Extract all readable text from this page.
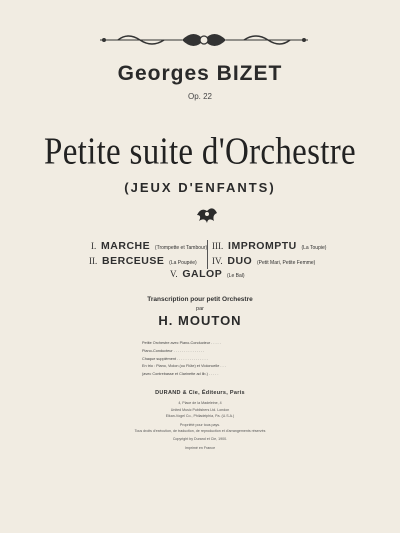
Georges BIZET
Op. 22
Petite suite d'Orchestre
(JEUX D'ENFANTS)
I. MARCHE (Trompette et Tambour)
II. BERCEUSE (La Poupée)
III. IMPROMPTU (La Toupie)
IV. DUO (Petit Mari, Petite Femme)
V. GALOP (Le Bal)
Transcription pour petit Orchestre
par
H. MOUTON
Petite Orchestre avec Piano-Conducteur . . . . .
Piano-Conducteur . . . . . . . . . . . . . . .
Chaque supplément . . . . . . . . . . . . . . .
En trio : Piano, Violon (ou Flûte) et Violoncelle . . .
(avec Contrebasse et Clarinette ad lib.) . . . . .
DURAND & Cie, Éditeurs, Paris
4, Place de la Madeleine, 4
United Music Publishers Ltd. London
Elkan-Vogel Co., Philadelphia, Pa. (U.S.A.)
Propriété pour tous pays.
Tous droits d'exécution, de traduction, de reproduction et d'arrangements réservés
Copyright by Durand et Cie, 1900.
Imprimé en France
